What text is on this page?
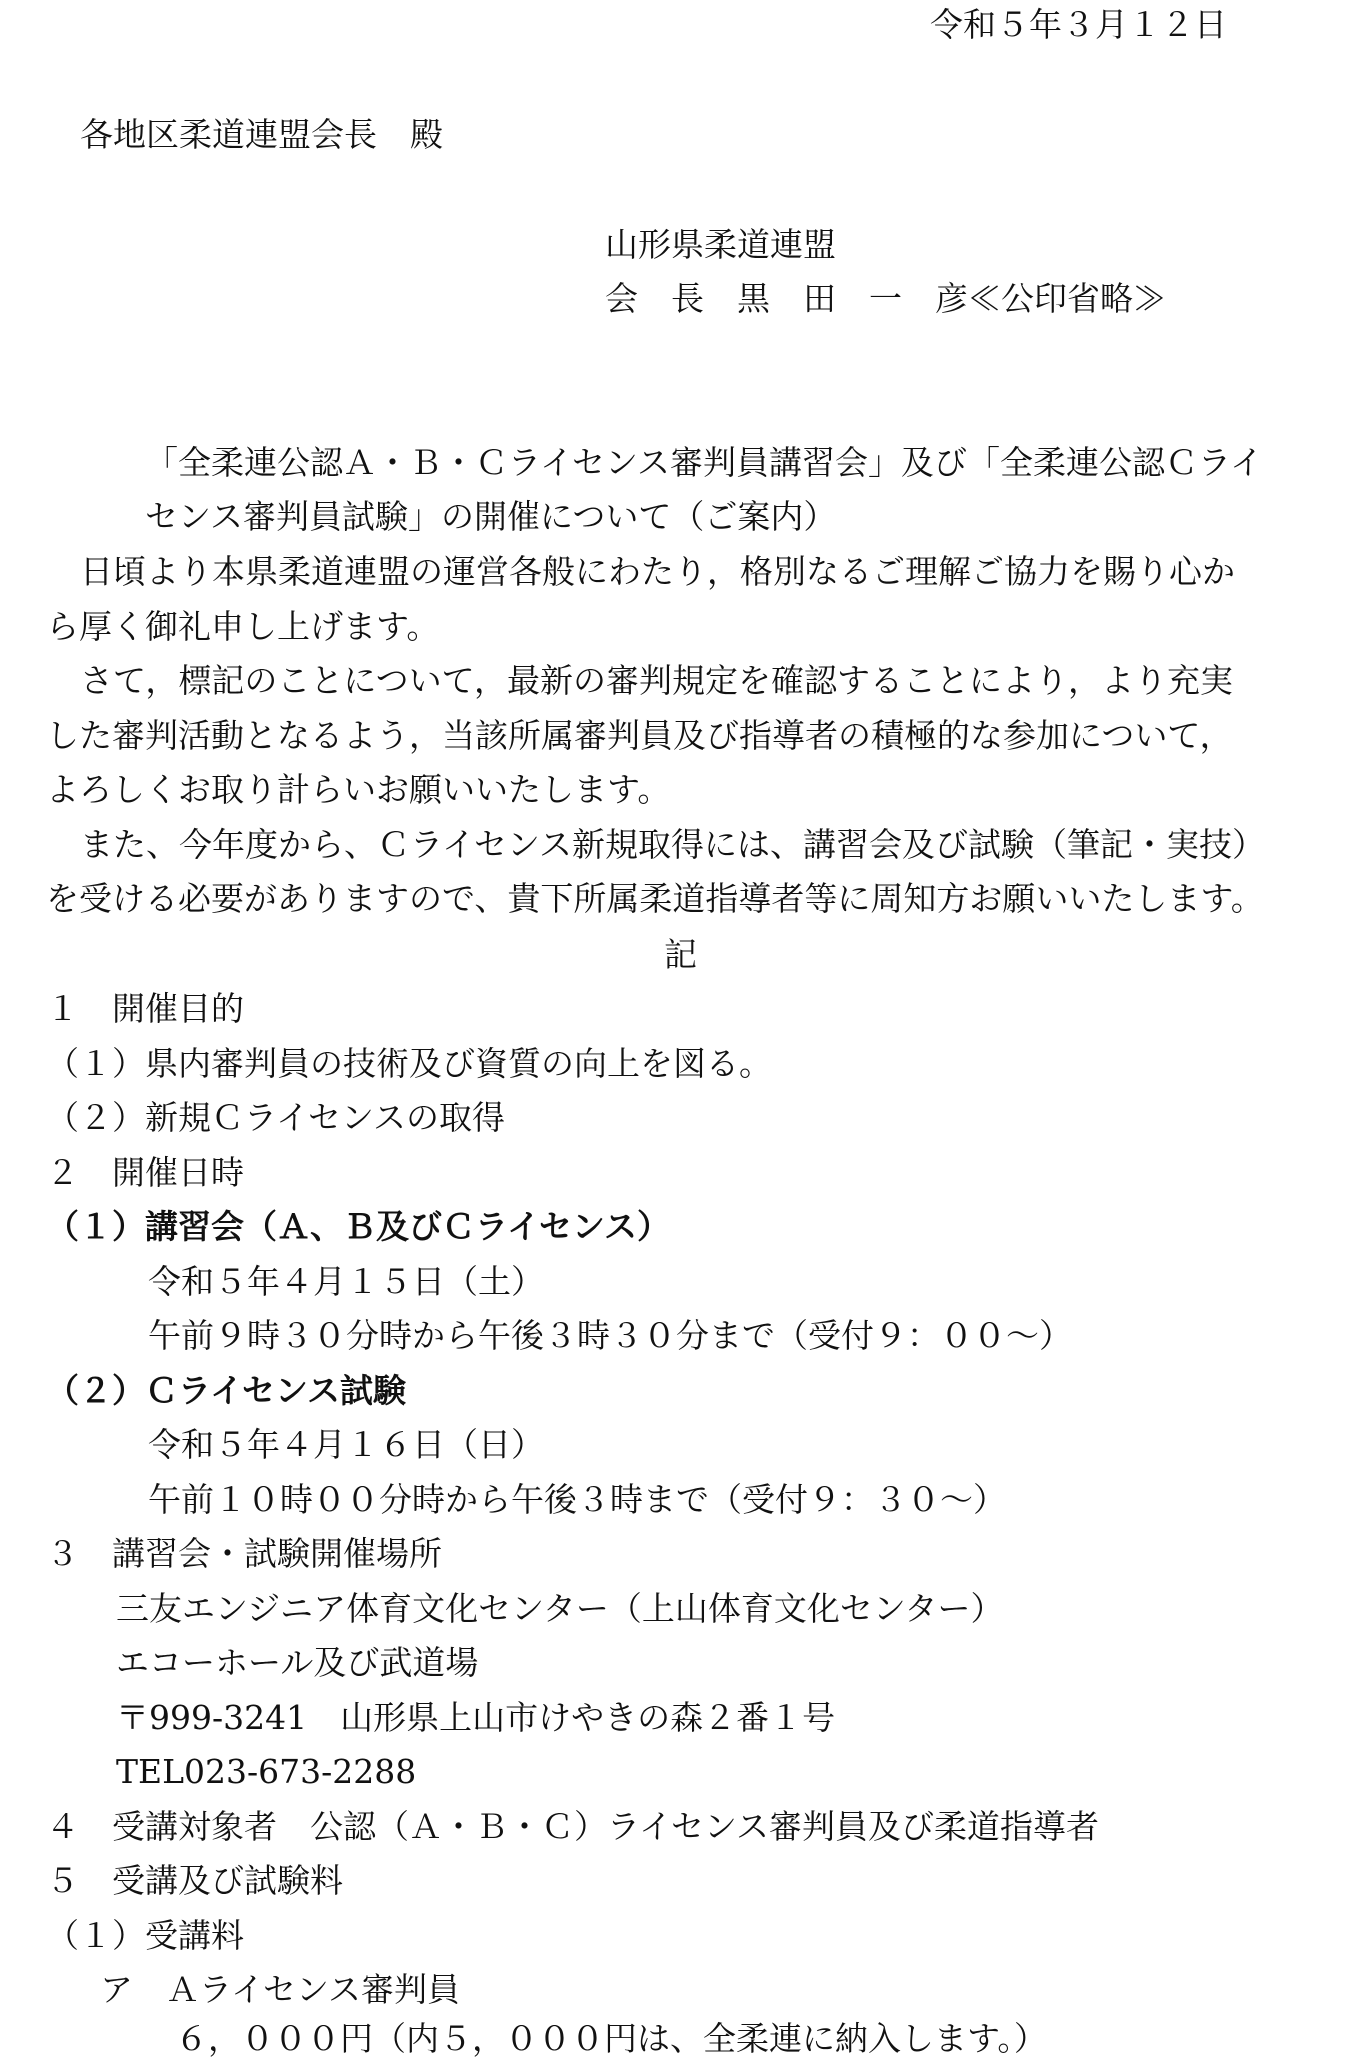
令和５年３月１２日
各地区柔道連盟会長　殿
山形県柔道連盟
会　長　黒　田　一　彦≪公印省略≫
「全柔連公認Ａ・Ｂ・Ｃライセンス審判員講習会」及び「全柔連公認Ｃライ
センス審判員試験」の開催について（ご案内）
日頃より本県柔道連盟の運営各般にわたり，格別なるご理解ご協力を賜り心か
ら厚く御礼申し上げます。
さて，標記のことについて，最新の審判規定を確認することにより，より充実
した審判活動となるよう，当該所属審判員及び指導者の積極的な参加について，
よろしくお取り計らいお願いいたします。
また、今年度から、Ｃライセンス新規取得には、講習会及び試験（筆記・実技）
を受ける必要がありますので、貴下所属柔道指導者等に周知方お願いいたします。
記
１　開催目的
（１）県内審判員の技術及び資質の向上を図る。
（２）新規Ｃライセンスの取得
２　開催日時
（１）講習会（Ａ、Ｂ及びＣライセンス）
令和５年４月１５日（土）
午前９時３０分時から午後３時３０分まで（受付９：００～）
（２）Ｃライセンス試験
令和５年４月１６日（日）
午前１０時００分時から午後３時まで（受付９：３０～）
３　講習会・試験開催場所
三友エンジニア体育文化センター（上山体育文化センター）
エコーホール及び武道場
〒999-3241　山形県上山市けやきの森２番１号
TEL023-673-2288
４　受講対象者　公認（Ａ・Ｂ・Ｃ）ライセンス審判員及び柔道指導者
５　受講及び試験料
（１）受講料
ア　Ａライセンス審判員
６，０００円（内５，０００円は、全柔連に納入します。）
